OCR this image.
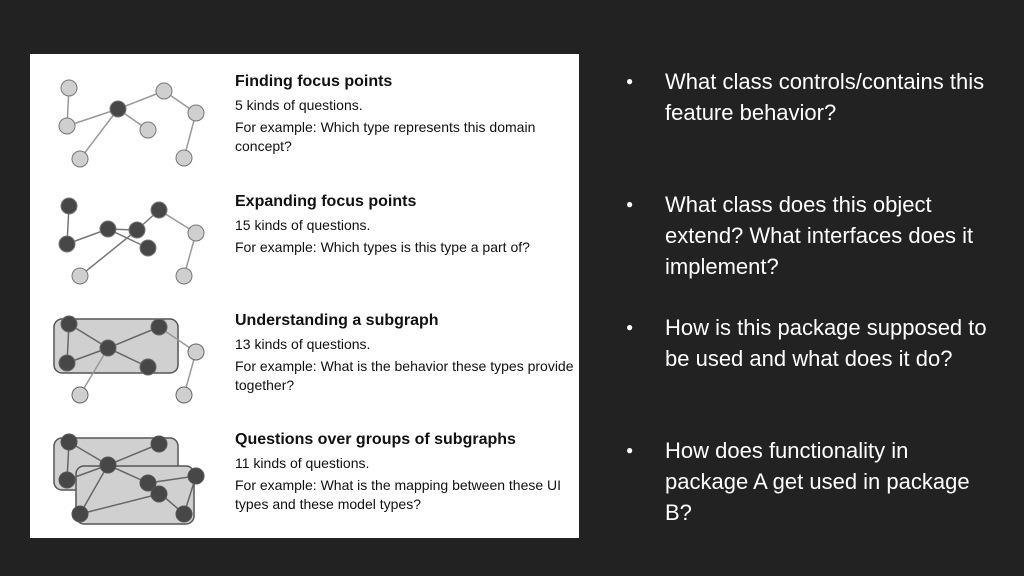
Finding focus points

5 kinds of questions.

For example: Which type represents this domain concept?

Expanding focus points

15 kinds of questions.

For example: Which types is this type a part of?

Understanding a subgraph

13 kinds of questions.

For example: What is the behavior these types provide together?

Questions over groups of subgraphs

11 kinds of questions.

For example: What is the mapping between these UI types and these model types?

● What class controls/contains this feature behavior?
● What class does this object extend? What interfaces does it implement?
● How is this package supposed to be used and what does it do?
● How does functionality in package A get used in package B?
